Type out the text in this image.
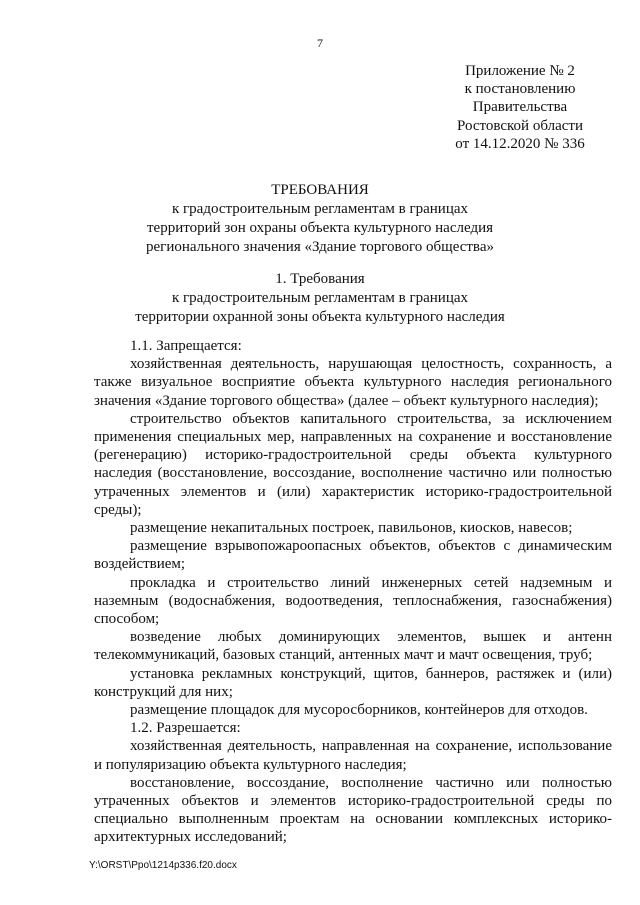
7
Приложение № 2
к постановлению
Правительства
Ростовской области
от 14.12.2020 № 336
ТРЕБОВАНИЯ
к градостроительным регламентам в границах
территорий зон охраны объекта культурного наследия
регионального значения «Здание торгового общества»
1. Требования
к градостроительным регламентам в границах
территории охранной зоны объекта культурного наследия

1.1. Запрещается:

хозяйственная деятельность, нарушающая целостность, сохранность, а также визуальное восприятие объекта культурного наследия регионального значения «Здание торгового общества» (далее – объект культурного наследия);

строительство объектов капитального строительства, за исключением применения специальных мер, направленных на сохранение и восстановление (регенерацию) историко-градостроительной среды объекта культурного наследия (восстановление, воссоздание, восполнение частично или полностью утраченных элементов и (или) характеристик историко-градостроительной среды);

размещение некапитальных построек, павильонов, киосков, навесов;

размещение взрывопожароопасных объектов, объектов с динамическим воздействием;

прокладка и строительство линий инженерных сетей надземным и наземным (водоснабжения, водоотведения, теплоснабжения, газоснабжения) способом;

возведение любых доминирующих элементов, вышек и антенн телекоммуникаций, базовых станций, антенных мачт и мачт освещения, труб;

установка рекламных конструкций, щитов, баннеров, растяжек и (или) конструкций для них;

размещение площадок для мусоросборников, контейнеров для отходов.

1.2. Разрешается:

хозяйственная деятельность, направленная на сохранение, использование и популяризацию объекта культурного наследия;

восстановление, воссоздание, восполнение частично или полностью утраченных объектов и элементов историко-градостроительной среды по специально выполненным проектам на основании комплексных историко-архитектурных исследований;

Y:\ORST\Ppo\1214p336.f20.docx
